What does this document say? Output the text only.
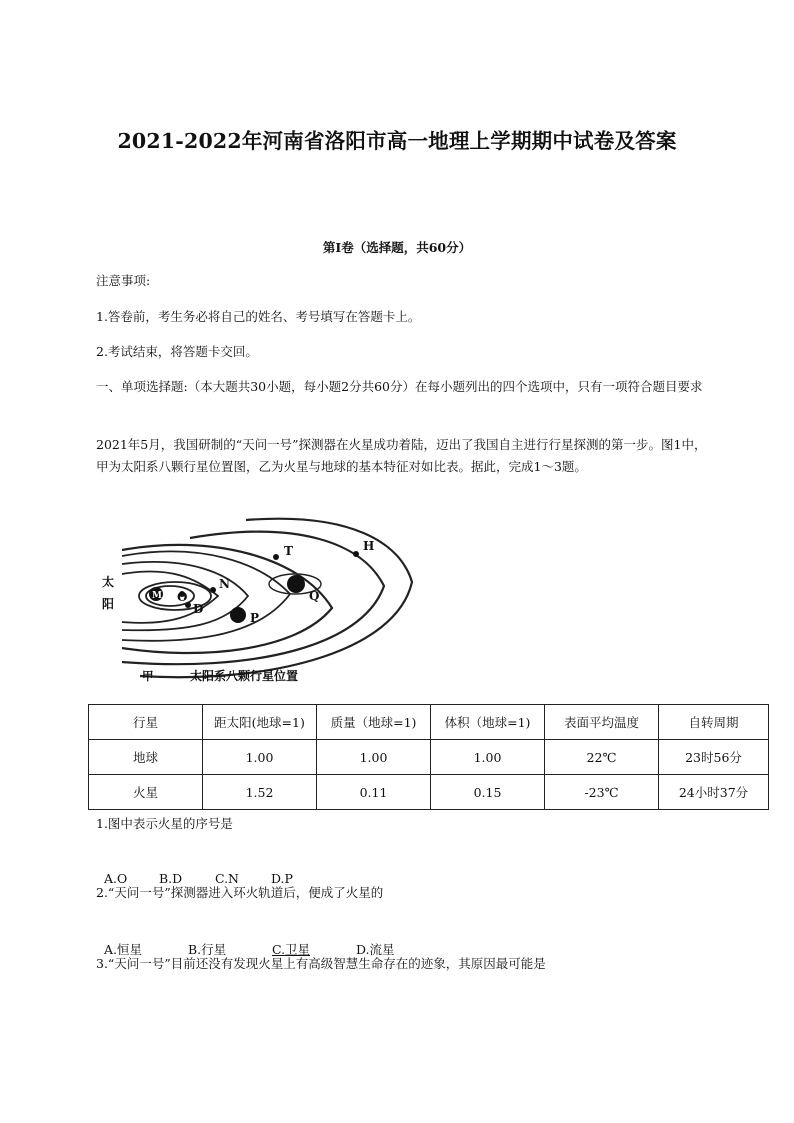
2021-2022年河南省洛阳市高一地理上学期期中试卷及答案
第Ⅰ卷（选择题，共60分）

注意事项:

1.答卷前，考生务必将自己的姓名、考号填写在答题卡上。

2.考试结束，将答题卡交回。

一、单项选择题:（本大题共30小题，每小题2分共60分）在每小题列出的四个选项中，只有一项符合题目要求

2021年5月，我国研制的“天问一号”探测器在火星成功着陆，迈出了我国自主进行行星探测的第一步。图1中，甲为太阳系八颗行星位置图，乙为火星与地球的基本特征对如比表。据此，完成1～3题。

太
阳
M O
D
N
P
Q
T	H
甲	太阳系八颗行星位置
行星	距太阳(地球=1)	质量（地球=1)	体积（地球=1)	表面平均温度	自转周期
地球	1.00	1.00	1.00	22℃	23时56分
火星	1.52	0.11	0.15	-23℃	24小时37分

1.图中表示火星的序号是

A.O	B.D	C.N	D.P

2.“天问一号”探测器进入环火轨道后，便成了火星的

A.恒星	B.行星	C.卫星	D.流星

3.“天问一号”目前还没有发现火星上有高级智慧生命存在的迹象，其原因最可能是
